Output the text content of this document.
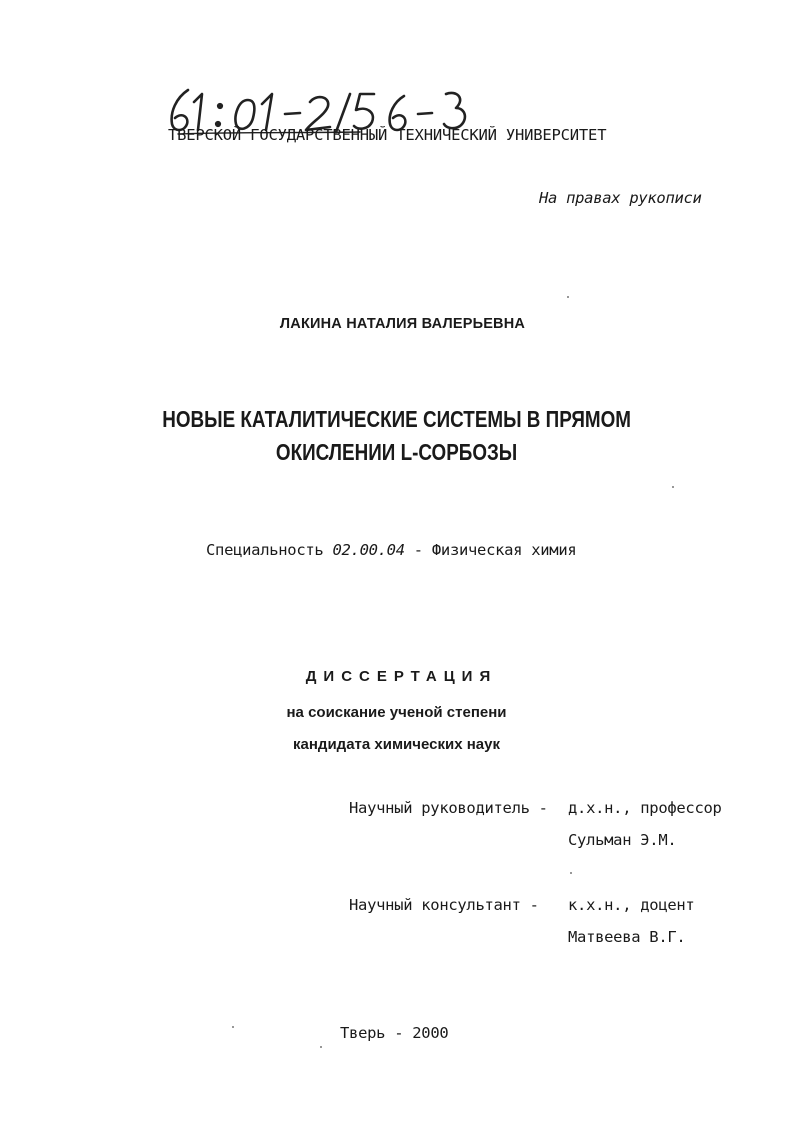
ТВЕРСКОЙ ГОСУДАРСТВЕННЫЙ ТЕХНИЧЕСКИЙ УНИВЕРСИТЕТ
На правах рукописи
ЛАКИНА НАТАЛИЯ ВАЛЕРЬЕВНА
НОВЫЕ КАТАЛИТИЧЕСКИЕ СИСТЕМЫ В ПРЯМОМ
ОКИСЛЕНИИ L-СОРБОЗЫ
Специальность 02.00.04 - Физическая химия
ДИССЕРТАЦИЯ
на соискание ученой степени
кандидата химических наук
Научный руководитель - д.х.н., профессор
Сульман Э.М.
Научный консультант - к.х.н., доцент
Матвеева В.Г.
Тверь - 2000
